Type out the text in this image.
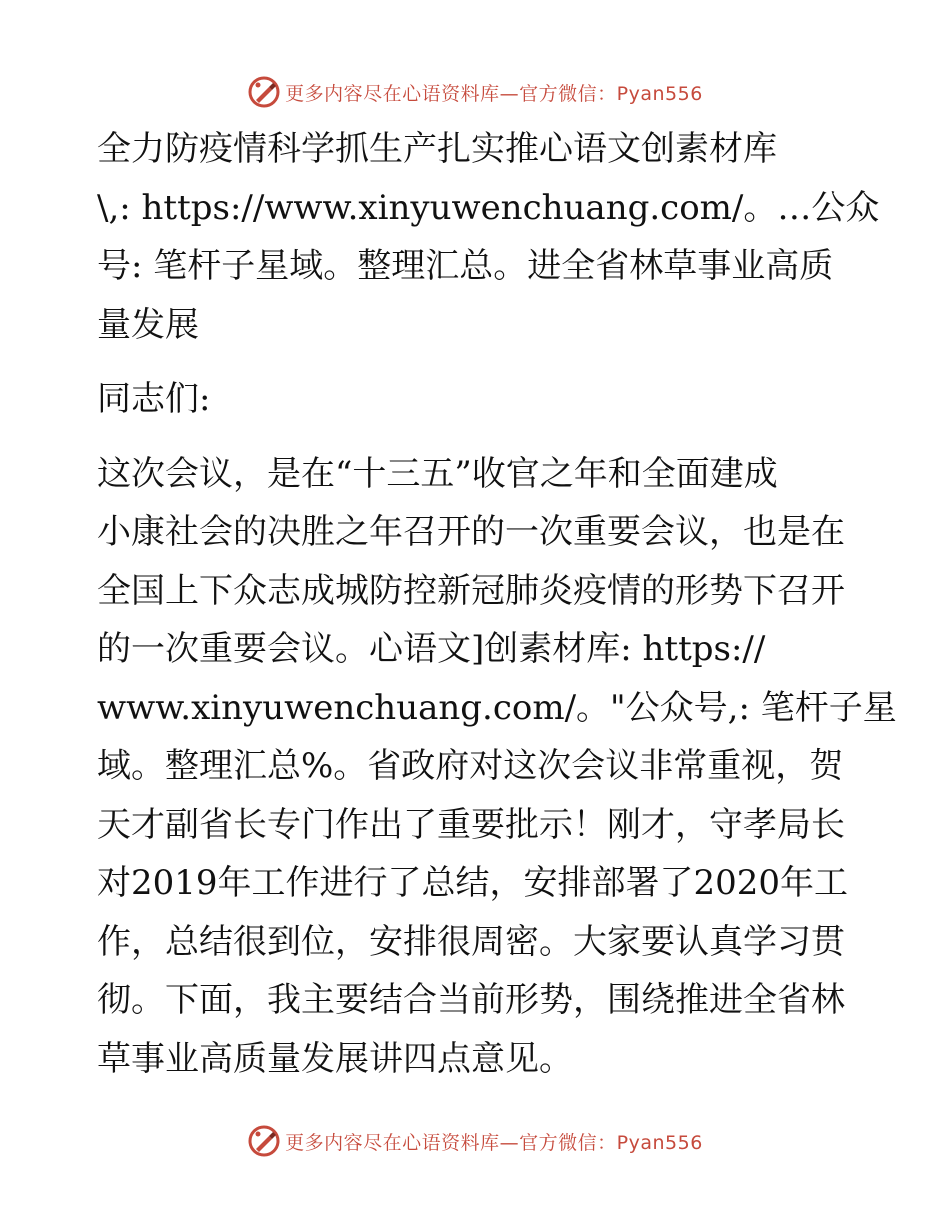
更多内容尽在心语资料库—官方微信：Pyan556
全力防疫情科学抓生产扎实推心语文创素材库
\,: https://www.xinyuwenchuang.com/。…公众
号: 笔杆子星域。整理汇总。进全省林草事业高质
量发展
同志们:
这次会议，是在“十三五”收官之年和全面建成
小康社会的决胜之年召开的一次重要会议，也是在
全国上下众志成城防控新冠肺炎疫情的形势下召开
的一次重要会议。心语文]创素材库: https://
www.xinyuwenchuang.com/。"公众号,: 笔杆子星
域。整理汇总%。省政府对这次会议非常重视，贺
天才副省长专门作出了重要批示！刚才，守孝局长
对2019年工作进行了总结，安排部署了2020年工
作，总结很到位，安排很周密。大家要认真学习贯
彻。下面，我主要结合当前形势，围绕推进全省林
草事业高质量发展讲四点意见。
更多内容尽在心语资料库—官方微信：Pyan556
